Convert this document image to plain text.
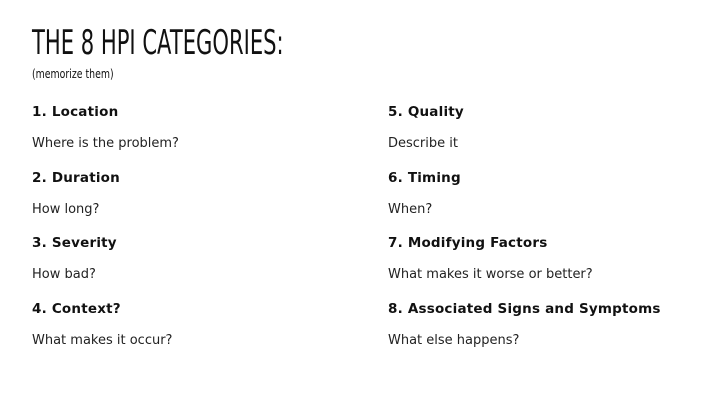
THE 8 HPI CATEGORIES:
(memorize them)
1. Location
Where is the problem?
2. Duration
How long?
3. Severity
How bad?
4. Context?
What makes it occur?
5. Quality
Describe it
6. Timing
When?
7. Modifying Factors
What makes it worse or better?
8. Associated Signs and Symptoms
What else happens?
